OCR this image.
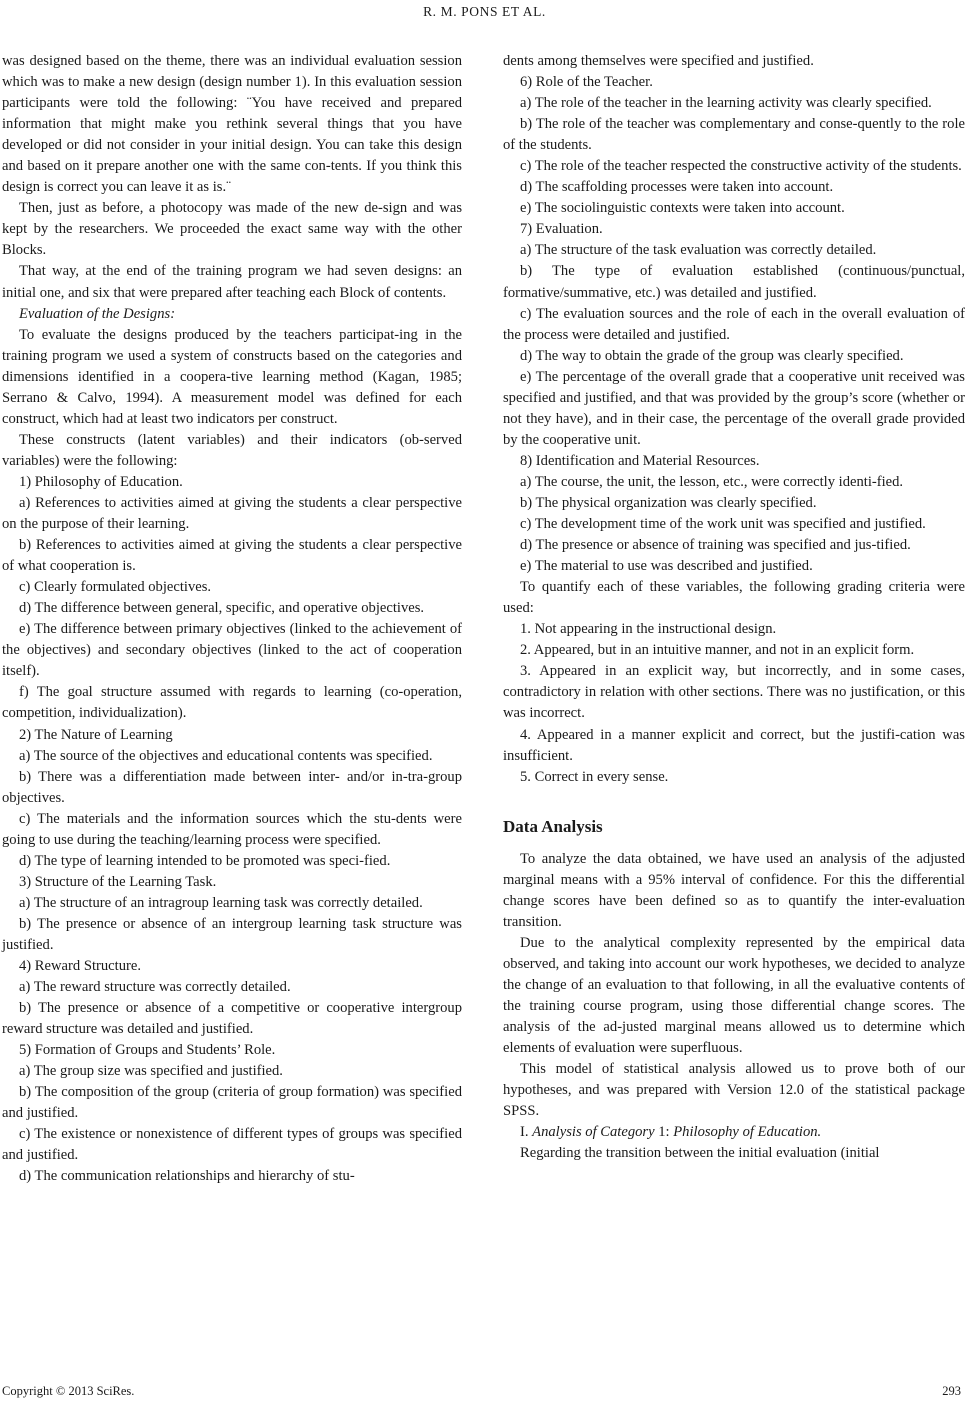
R. M. PONS ET AL.

was designed based on the theme, there was an individual evaluation session which was to make a new design (design number 1). In this evaluation session participants were told the following: ¨You have received and prepared information that might make you rethink several things that you have developed or did not consider in your initial design. You can take this design and based on it prepare another one with the same con-tents. If you think this design is correct you can leave it as is.¨

Then, just as before, a photocopy was made of the new de-sign and was kept by the researchers. We proceeded the exact same way with the other Blocks.

That way, at the end of the training program we had seven designs: an initial one, and six that were prepared after teaching each Block of contents.

Evaluation of the Designs:

To evaluate the designs produced by the teachers participat-ing in the training program we used a system of constructs based on the categories and dimensions identified in a coopera-tive learning method (Kagan, 1985; Serrano & Calvo, 1994). A measurement model was defined for each construct, which had at least two indicators per construct.

These constructs (latent variables) and their indicators (ob-served variables) were the following:

1) Philosophy of Education.

a) References to activities aimed at giving the students a clear perspective on the purpose of their learning.

b) References to activities aimed at giving the students a clear perspective of what cooperation is.

c) Clearly formulated objectives.

d) The difference between general, specific, and operative objectives.

e) The difference between primary objectives (linked to the achievement of the objectives) and secondary objectives (linked to the act of cooperation itself).

f) The goal structure assumed with regards to learning (co-operation, competition, individualization).

2) The Nature of Learning

a) The source of the objectives and educational contents was specified.

b) There was a differentiation made between inter- and/or in-tra-group objectives.

c) The materials and the information sources which the stu-dents were going to use during the teaching/learning process were specified.

d) The type of learning intended to be promoted was speci-fied.

3) Structure of the Learning Task.

a) The structure of an intragroup learning task was correctly detailed.

b) The presence or absence of an intergroup learning task structure was justified.

4) Reward Structure.

a) The reward structure was correctly detailed.

b) The presence or absence of a competitive or cooperative intergroup reward structure was detailed and justified.

5) Formation of Groups and Students’ Role.

a) The group size was specified and justified.

b) The composition of the group (criteria of group formation) was specified and justified.

c) The existence or nonexistence of different types of groups was specified and justified.

d) The communication relationships and hierarchy of stu-

dents among themselves were specified and justified.

6) Role of the Teacher.

a) The role of the teacher in the learning activity was clearly specified.

b) The role of the teacher was complementary and conse-quently to the role of the students.

c) The role of the teacher respected the constructive activity of the students.

d) The scaffolding processes were taken into account.

e) The sociolinguistic contexts were taken into account.

7) Evaluation.

a) The structure of the task evaluation was correctly detailed.

b) The type of evaluation established (continuous/punctual, formative/summative, etc.) was detailed and justified.

c) The evaluation sources and the role of each in the overall evaluation of the process were detailed and justified.

d) The way to obtain the grade of the group was clearly specified.

e) The percentage of the overall grade that a cooperative unit received was specified and justified, and that was provided by the group’s score (whether or not they have), and in their case, the percentage of the overall grade provided by the cooperative unit.

8) Identification and Material Resources.

a) The course, the unit, the lesson, etc., were correctly identi-fied.

b) The physical organization was clearly specified.

c) The development time of the work unit was specified and justified.

d) The presence or absence of training was specified and jus-tified.

e) The material to use was described and justified.

To quantify each of these variables, the following grading criteria were used:

1. Not appearing in the instructional design.

2. Appeared, but in an intuitive manner, and not in an explicit form.

3. Appeared in an explicit way, but incorrectly, and in some cases, contradictory in relation with other sections. There was no justification, or this was incorrect.

4. Appeared in a manner explicit and correct, but the justifi-cation was insufficient.

5. Correct in every sense.

Data Analysis

To analyze the data obtained, we have used an analysis of the adjusted marginal means with a 95% interval of confidence. For this the differential change scores have been defined so as to quantify the inter-evaluation transition.

Due to the analytical complexity represented by the empirical data observed, and taking into account our work hypotheses, we decided to analyze the change of an evaluation to that following, in all the evaluative contents of the training course program, using those differential change scores. The analysis of the ad-justed marginal means allowed us to determine which elements of evaluation were superfluous.

This model of statistical analysis allowed us to prove both of our hypotheses, and was prepared with Version 12.0 of the statistical package SPSS.

I. Analysis of Category 1: Philosophy of Education.

Regarding the transition between the initial evaluation (initial

Copyright © 2013 SciRes.	293
